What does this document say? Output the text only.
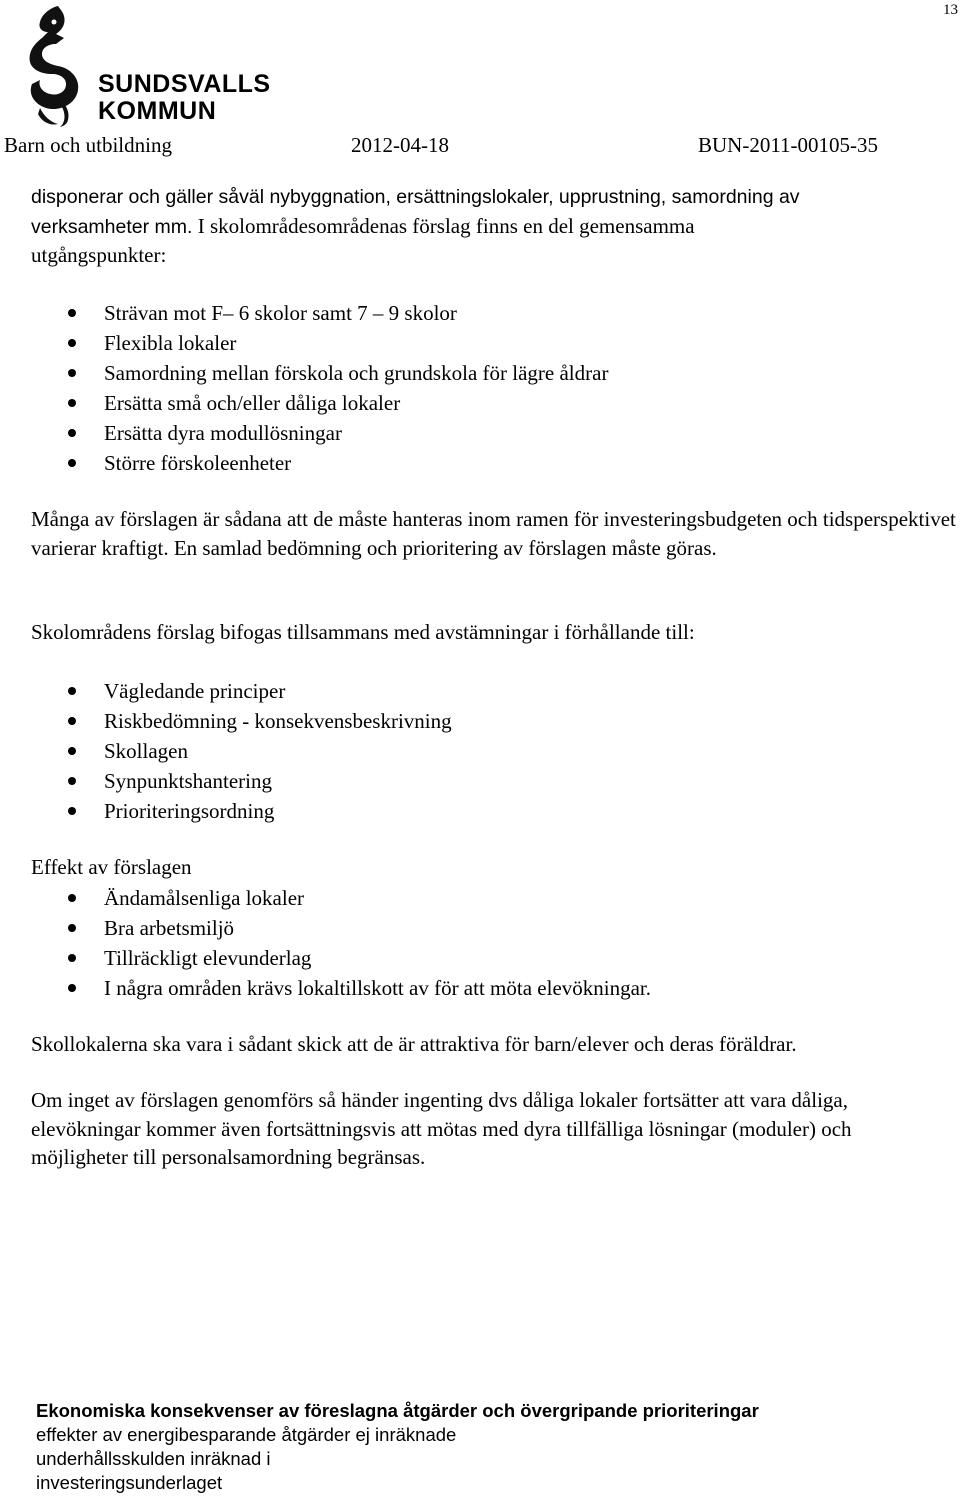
13
SUNDSVALLS
KOMMUN
Barn och utbildning	2012-04-18	BUN-2011-00105-35
disponerar och gäller såväl nybyggnation, ersättningslokaler, upprustning, samordning av
verksamheter mm. I skolområdesområdenas förslag finns en del gemensamma
utgångspunkter:
Strävan mot F– 6 skolor samt 7 – 9 skolor
Flexibla lokaler
Samordning mellan förskola och grundskola för lägre åldrar
Ersätta små och/eller dåliga lokaler
Ersätta dyra modullösningar
Större förskoleenheter
Många av förslagen är sådana att de måste hanteras inom ramen för investeringsbudgeten och tidsperspektivet varierar kraftigt. En samlad bedömning och prioritering av förslagen måste göras.
Skolområdens förslag bifogas tillsammans med avstämningar i förhållande till:
Vägledande principer
Riskbedömning - konsekvensbeskrivning
Skollagen
Synpunktshantering
Prioriteringsordning
Effekt av förslagen
Ändamålsenliga lokaler
Bra arbetsmiljö
Tillräckligt elevunderlag
I några områden krävs lokaltillskott av för att möta elevökningar.
Skollokalerna ska vara i sådant skick att de är attraktiva för barn/elever och deras föräldrar.
Om inget av förslagen genomförs så händer ingenting dvs dåliga lokaler fortsätter att vara dåliga, elevökningar kommer även fortsättningsvis att mötas med dyra tillfälliga lösningar (moduler) och möjligheter till personalsamordning begränsas.
Ekonomiska konsekvenser av föreslagna åtgärder och övergripande prioriteringar
effekter av energibesparande åtgärder ej inräknade
underhållsskulden inräknad i
investeringsunderlaget
